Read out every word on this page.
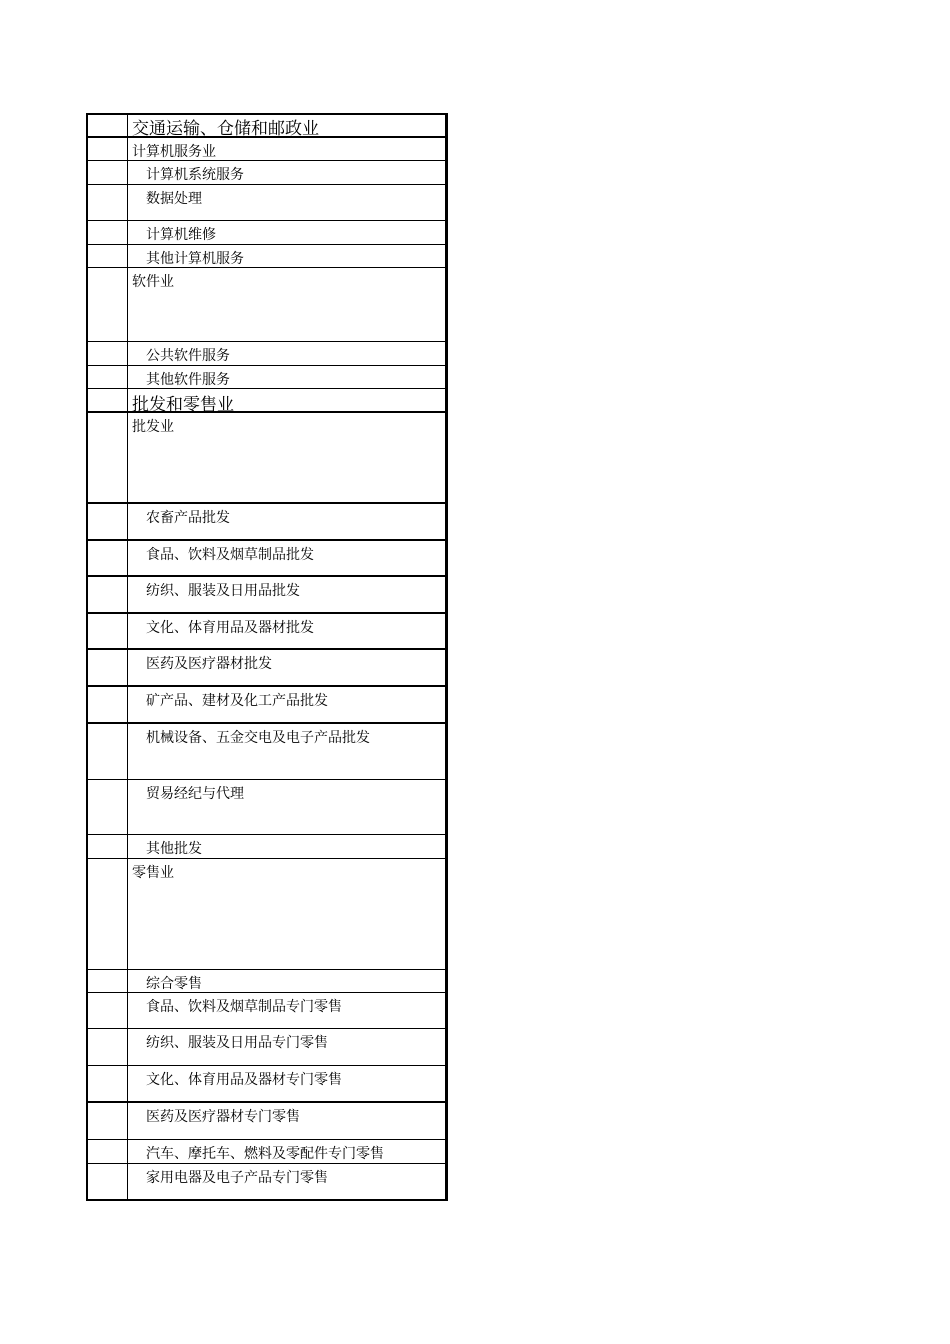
交通运输、仓储和邮政业
计算机服务业
计算机系统服务
数据处理
计算机维修
其他计算机服务
软件业
公共软件服务
其他软件服务
批发和零售业
批发业
农畜产品批发
食品、饮料及烟草制品批发
纺织、服装及日用品批发
文化、体育用品及器材批发
医药及医疗器材批发
矿产品、建材及化工产品批发
机械设备、五金交电及电子产品批发
贸易经纪与代理
其他批发
零售业
综合零售
食品、饮料及烟草制品专门零售
纺织、服装及日用品专门零售
文化、体育用品及器材专门零售
医药及医疗器材专门零售
汽车、摩托车、燃料及零配件专门零售
家用电器及电子产品专门零售
